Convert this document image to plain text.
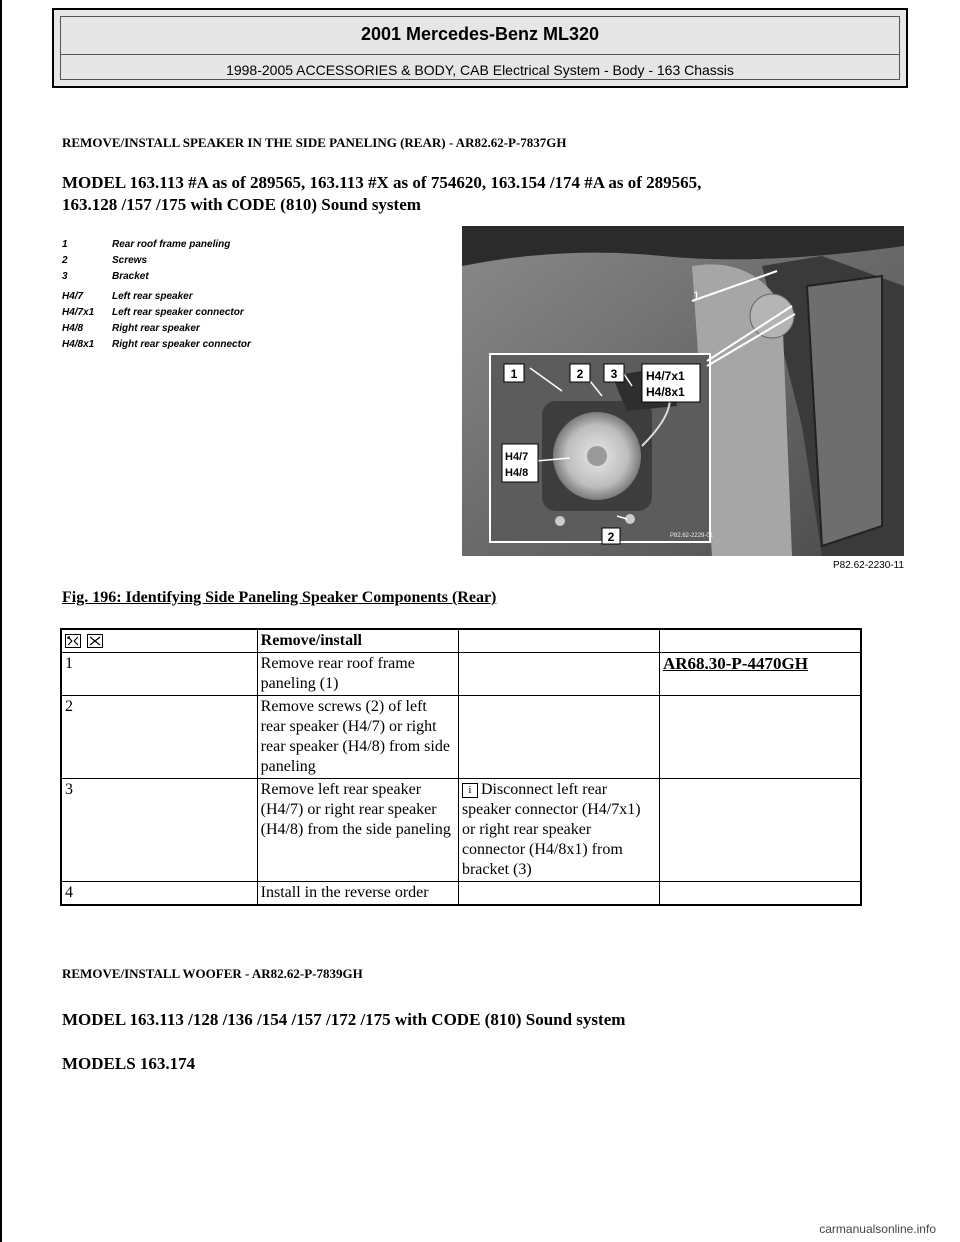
2001 Mercedes-Benz ML320
1998-2005 ACCESSORIES & BODY, CAB Electrical System - Body - 163 Chassis
REMOVE/INSTALL SPEAKER IN THE SIDE PANELING (REAR) - AR82.62-P-7837GH
MODEL 163.113 #A as of 289565, 163.113 #X as of 754620, 163.154 /174 #A as of 289565,
163.128 /157 /175 with CODE (810) Sound system
1	Rear roof frame paneling
2	Screws
3	Bracket
H4/7	Left rear speaker
H4/7x1	Left rear speaker connector
H4/8	Right rear speaker
H4/8x1	Right rear speaker connector
1	2 3 H4/7x1
H4/8x1
H4/7
H4/8
2
1
P82.62-2229-01
P82.62-2230-11
Fig. 196: Identifying Side Paneling Speaker Components (Rear)
	Remove/install		
1	Remove rear roof frame paneling (1)		AR68.30-P-4470GH
2	Remove screws (2) of left rear speaker (H4/7) or right rear speaker (H4/8) from side paneling		
3	Remove left rear speaker (H4/7) or right rear speaker (H4/8) from the side paneling	i Disconnect left rear speaker connector (H4/7x1) or right rear speaker connector (H4/8x1) from bracket (3)	
4	Install in the reverse order		
REMOVE/INSTALL WOOFER - AR82.62-P-7839GH
MODEL 163.113 /128 /136 /154 /157 /172 /175 with CODE (810) Sound system
MODELS 163.174
carmanualsonline.info
